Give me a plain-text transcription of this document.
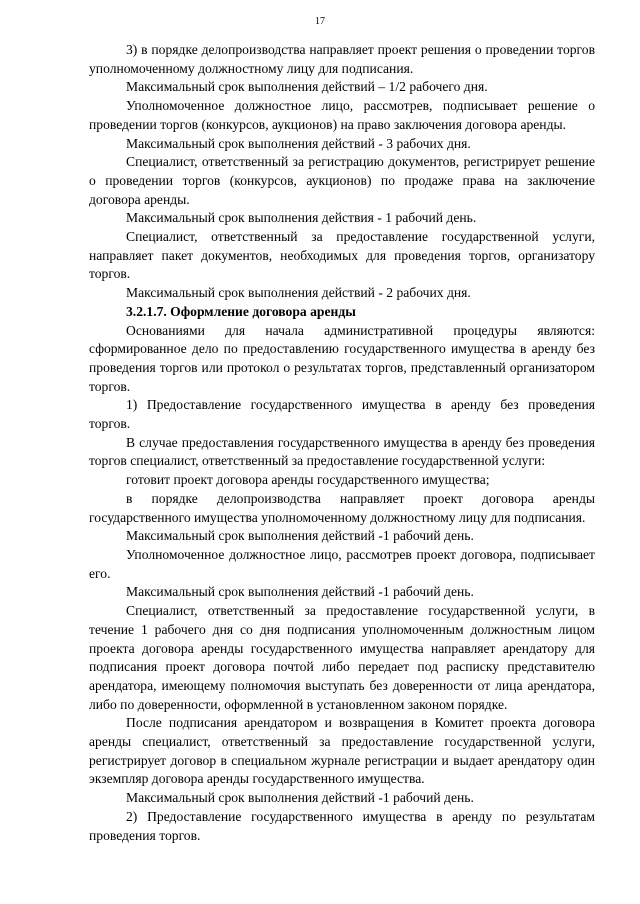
17

3) в порядке делопроизводства направляет проект решения о проведении торгов уполномоченному должностному лицу для подписания.

Максимальный срок выполнения действий – 1/2 рабочего дня.

Уполномоченное должностное лицо, рассмотрев, подписывает решение о проведении торгов (конкурсов, аукционов) на право заключения договора аренды.

Максимальный срок выполнения действий - 3 рабочих дня.

Специалист, ответственный за регистрацию документов, регистрирует решение о проведении торгов (конкурсов, аукционов) по продаже права на заключение договора аренды.

Максимальный срок выполнения действия - 1 рабочий день.

Специалист, ответственный за предоставление государственной услуги, направляет пакет документов, необходимых для проведения торгов, организатору торгов.

Максимальный срок выполнения действий - 2 рабочих дня.

3.2.1.7. Оформление договора аренды

Основаниями для начала административной процедуры являются: сформированное дело по предоставлению государственного имущества в аренду без проведения торгов или протокол о результатах торгов, представленный организатором торгов.

1) Предоставление государственного имущества в аренду без проведения торгов.

В случае предоставления государственного имущества в аренду без проведения торгов специалист, ответственный за предоставление государственной услуги:

готовит проект договора аренды государственного имущества;

в порядке делопроизводства направляет проект договора аренды государственного имущества уполномоченному должностному лицу для подписания.

Максимальный срок выполнения действий -1 рабочий день.

Уполномоченное должностное лицо, рассмотрев проект договора, подписывает его.

Максимальный срок выполнения действий -1 рабочий день.

Специалист, ответственный за предоставление государственной услуги, в течение 1 рабочего дня со дня подписания уполномоченным должностным лицом проекта договора аренды государственного имущества направляет арендатору для подписания проект договора почтой либо передает под расписку представителю арендатора, имеющему полномочия выступать без доверенности от лица арендатора, либо по доверенности, оформленной в установленном законом порядке.

После подписания арендатором и возвращения в Комитет проекта договора аренды специалист, ответственный за предоставление государственной услуги, регистрирует договор в специальном журнале регистрации и выдает арендатору один экземпляр договора аренды государственного имущества.

Максимальный срок выполнения действий -1 рабочий день.

2) Предоставление государственного имущества в аренду по результатам проведения торгов.
